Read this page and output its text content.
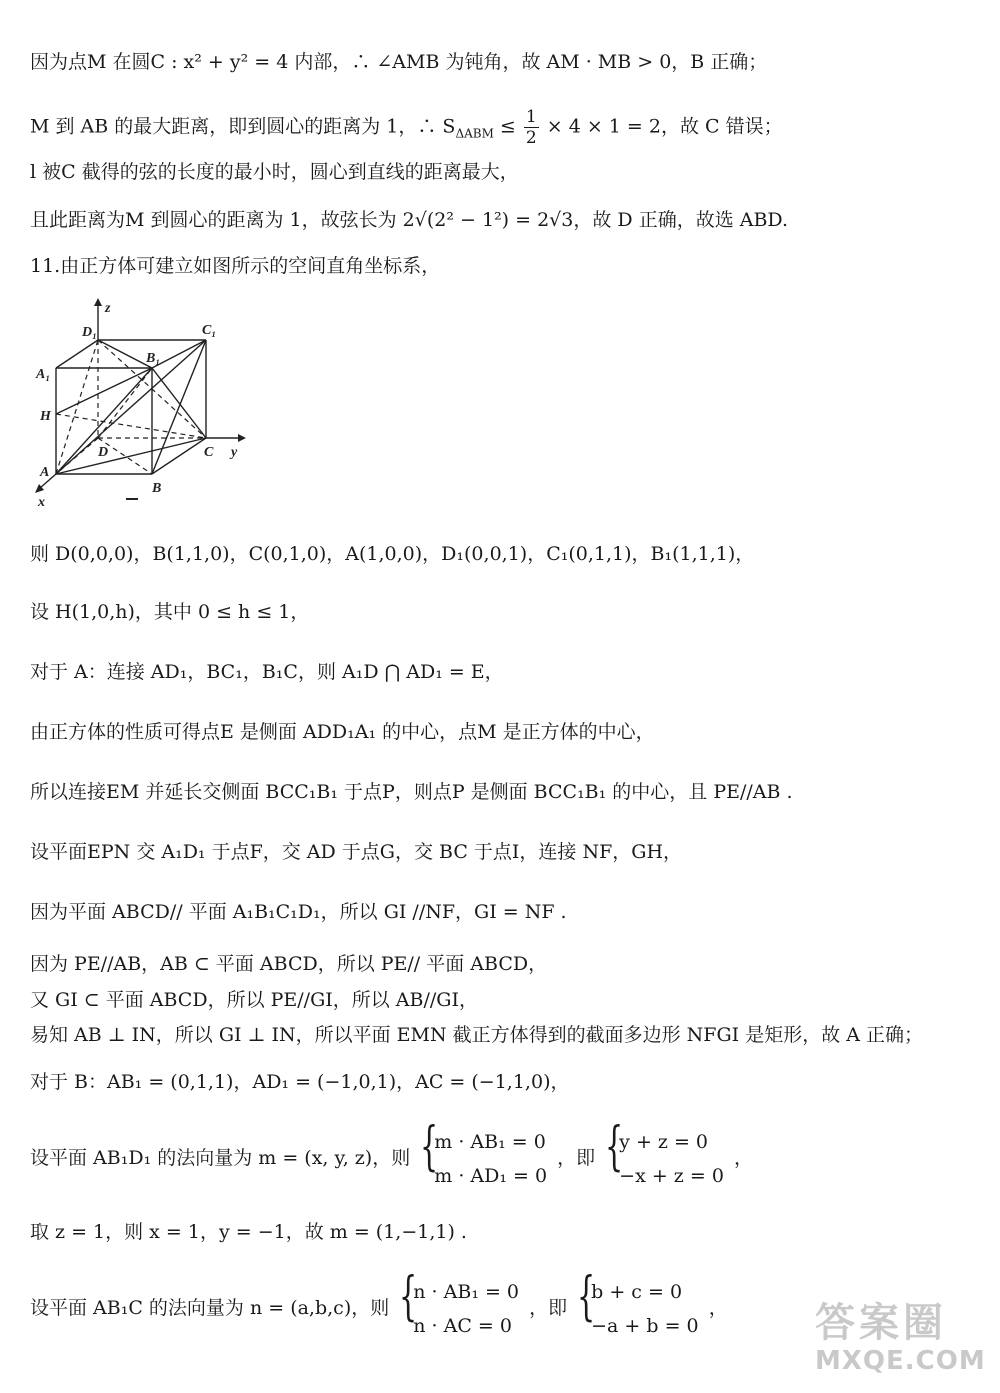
因为点M 在圆C : x² + y² = 4 内部，∴ ∠AMB 为钝角，故 AM · MB > 0，B 正确；
M 到 AB 的最大距离，即到圆心的距离为 1，∴ $S_{\Delta ABM} \le \frac{1}{2} \times 4 \times 1 = 2$，故 C 错误；
l 被C 截得的弦的长度的最小时，圆心到直线的距离最大，
且此距离为M 到圆心的距离为 1，故弦长为 2√(2² − 1²) = 2√3，故 D 正确，故选 ABD.
11.由正方体可建立如图所示的空间直角坐标系，
z
y
x
D₁	C₁
B₁
A₁
H
D	C
A
B
则 D(0,0,0)，B(1,1,0)，C(0,1,0)，A(1,0,0)，D₁(0,0,1)，C₁(0,1,1)，B₁(1,1,1)，
设 H(1,0,h)，其中 0 ≤ h ≤ 1，
对于 A：连接 AD₁，BC₁，B₁C，则 A₁D ⋂ AD₁ = E，
由正方体的性质可得点E 是侧面 ADD₁A₁ 的中心，点M 是正方体的中心，
所以连接EM 并延长交侧面 BCC₁B₁ 于点P，则点P 是侧面 BCC₁B₁ 的中心，且 PE//AB .
设平面EPN 交 A₁D₁ 于点F，交 AD 于点G，交 BC 于点I，连接 NF，GH，
因为平面 ABCD// 平面 A₁B₁C₁D₁，所以 GI //NF，GI = NF .
因为 PE//AB，AB ⊂ 平面 ABCD，所以 PE// 平面 ABCD，
又 GI ⊂ 平面 ABCD，所以 PE//GI，所以 AB//GI，
易知 AB ⊥ IN，所以 GI ⊥ IN，所以平面 EMN 截正方体得到的截面多边形 NFGI 是矩形，故 A 正确；
对于 B：AB₁ = (0,1,1)，AD₁ = (−1,0,1)，AC = (−1,1,0)，
设平面 AB₁D₁ 的法向量为 m = (x, y, z)，则 {
m · AB₁ = 0
m · AD₁ = 0
，即 {
y + z = 0
−x + z = 0
，
取 z = 1，则 x = 1，y = −1，故 m = (1,−1,1) .
设平面 AB₁C 的法向量为 n = (a,b,c)，则 {
n · AB₁ = 0
n · AC = 0
，即 {
b + c = 0
−a + b = 0
， 答案圈
MXQE.COM
